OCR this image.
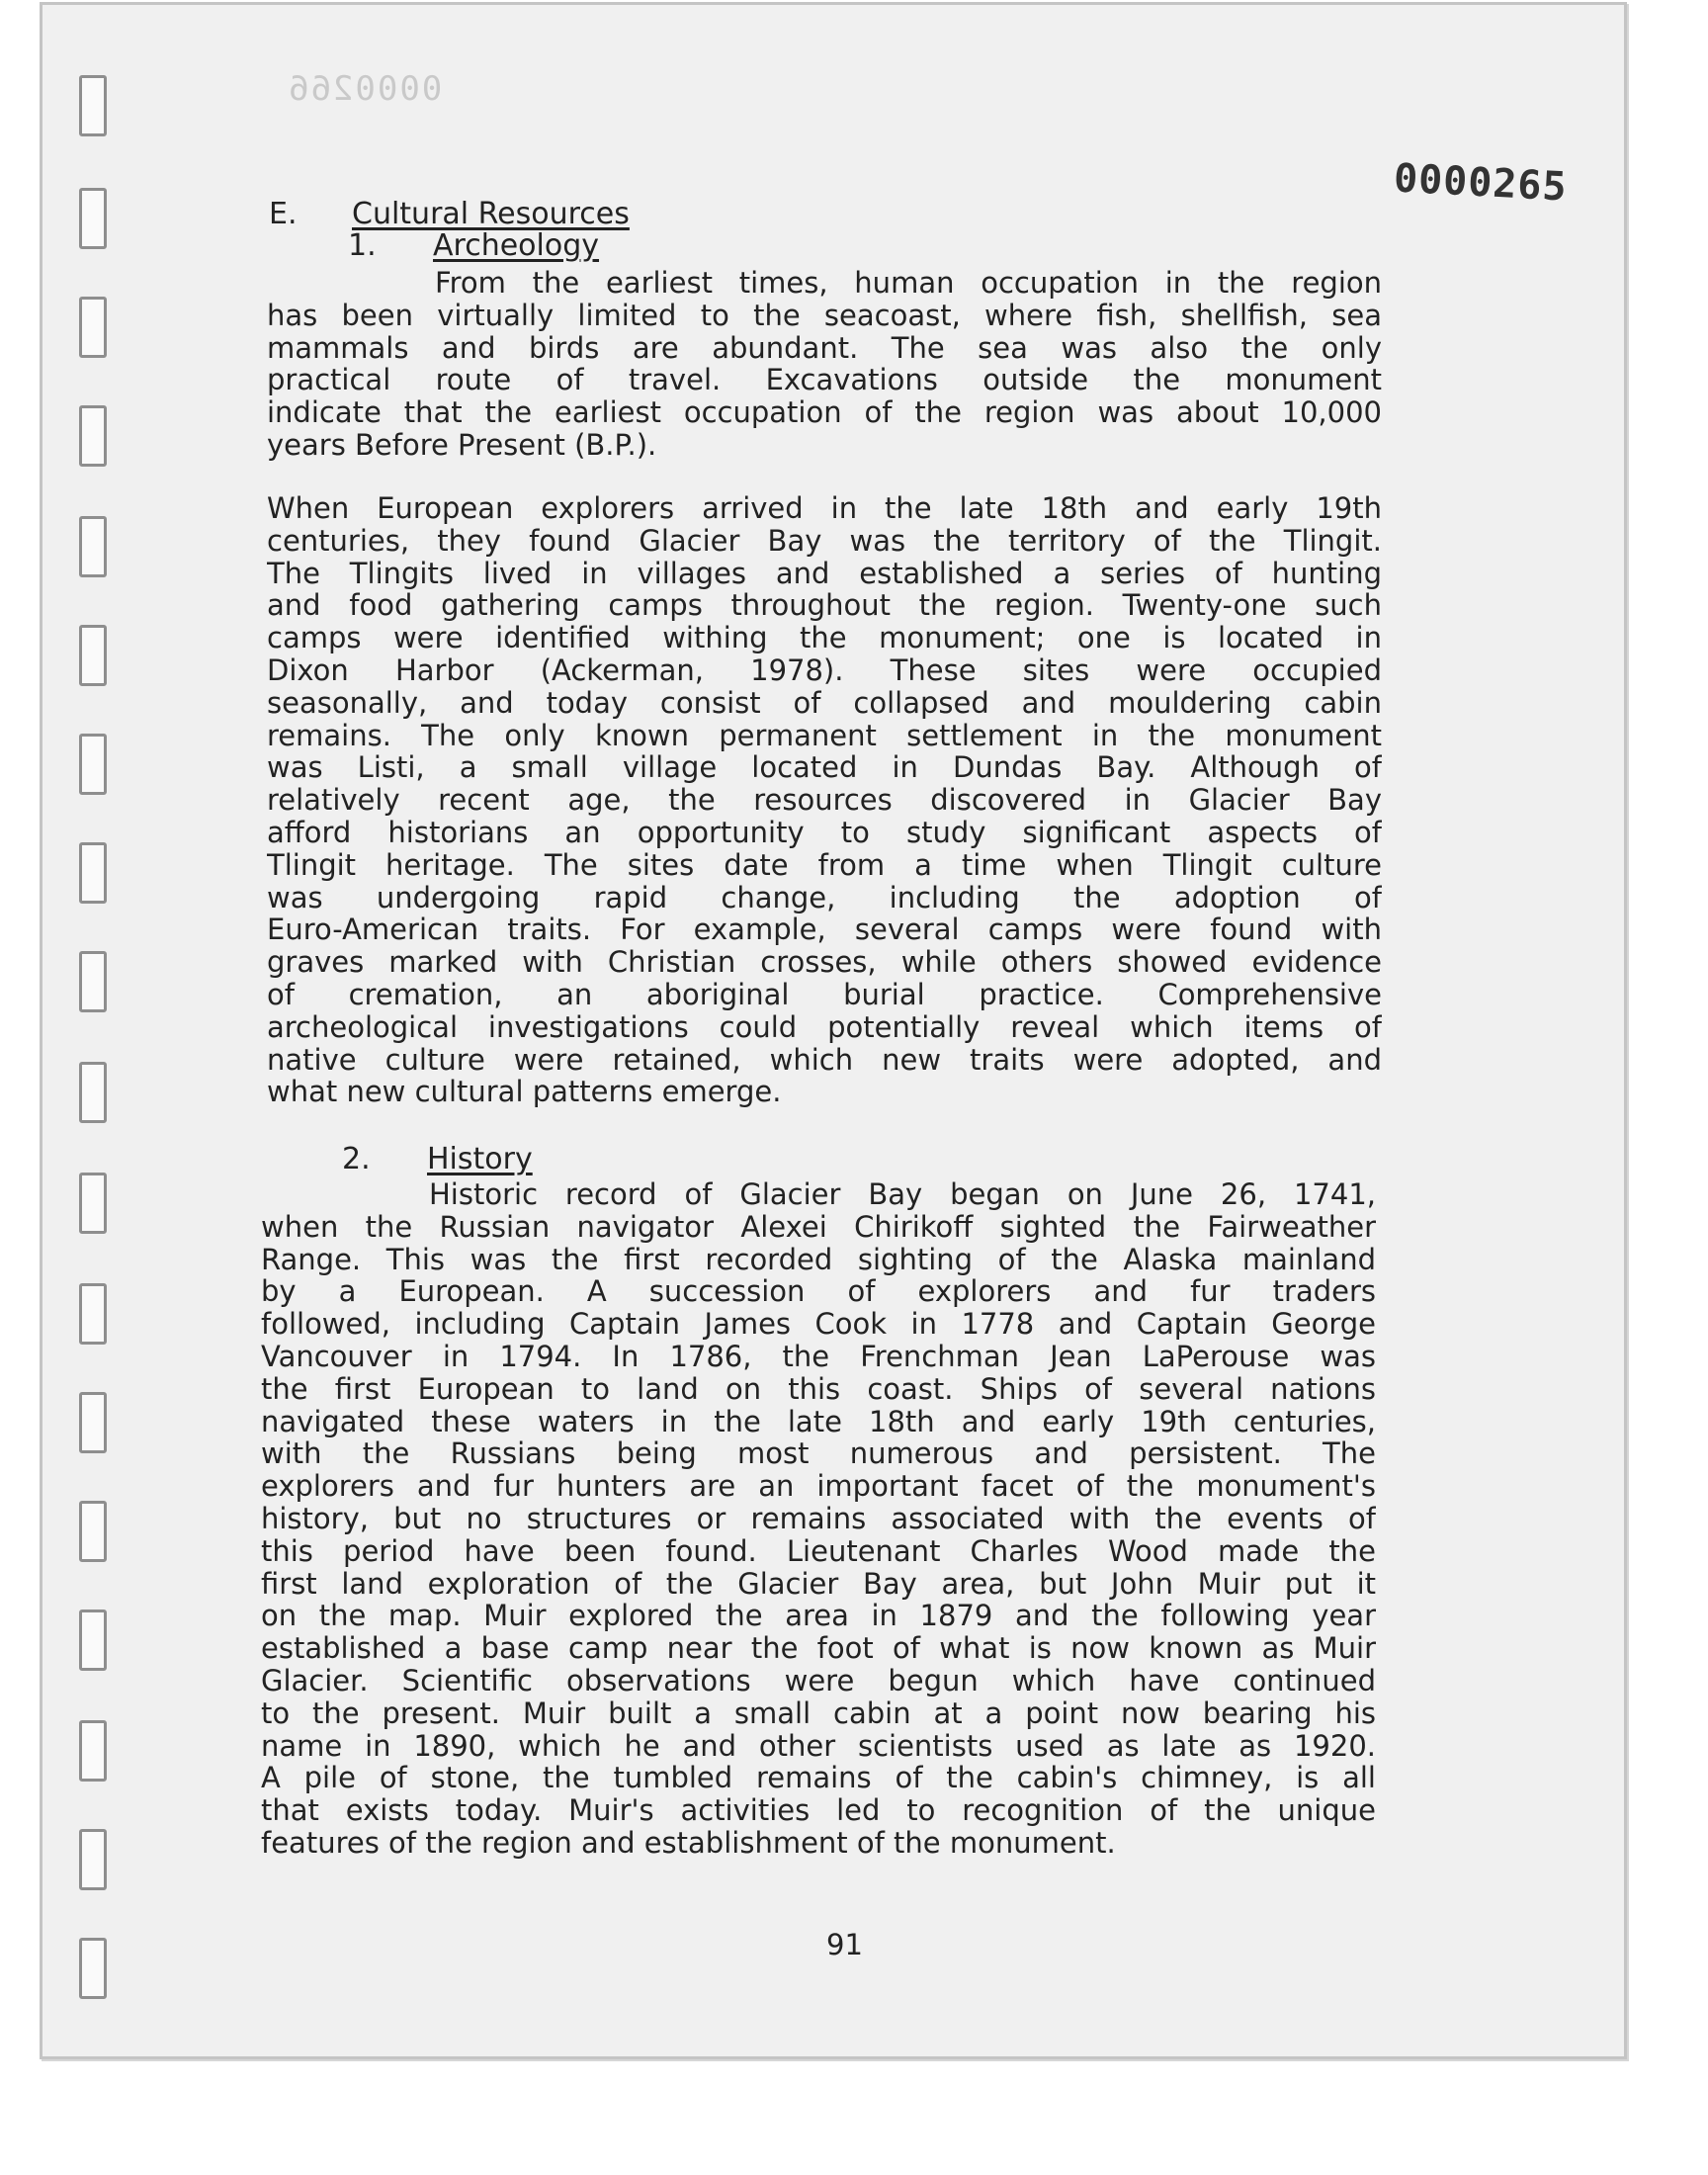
0000266
0000265
E. Cultural Resources
1. Archeology
From the earliest times, human occupation in the region
has been virtually limited to the seacoast, where fish, shellfish, sea
mammals and birds are abundant. The sea was also the only
practical route of travel. Excavations outside the monument
indicate that the earliest occupation of the region was about 10,000
years Before Present (B.P.).
When European explorers arrived in the late 18th and early 19th
centuries, they found Glacier Bay was the territory of the Tlingit.
The Tlingits lived in villages and established a series of hunting
and food gathering camps throughout the region. Twenty-one such
camps were identified withing the monument; one is located in
Dixon Harbor (Ackerman, 1978). These sites were occupied
seasonally, and today consist of collapsed and mouldering cabin
remains. The only known permanent settlement in the monument
was Listi, a small village located in Dundas Bay. Although of
relatively recent age, the resources discovered in Glacier Bay
afford historians an opportunity to study significant aspects of
Tlingit heritage. The sites date from a time when Tlingit culture
was undergoing rapid change, including the adoption of
Euro-American traits. For example, several camps were found with
graves marked with Christian crosses, while others showed evidence
of cremation, an aboriginal burial practice. Comprehensive
archeological investigations could potentially reveal which items of
native culture were retained, which new traits were adopted, and
what new cultural patterns emerge.
2. History
Historic record of Glacier Bay began on June 26, 1741,
when the Russian navigator Alexei Chirikoff sighted the Fairweather
Range. This was the first recorded sighting of the Alaska mainland
by a European. A succession of explorers and fur traders
followed, including Captain James Cook in 1778 and Captain George
Vancouver in 1794. In 1786, the Frenchman Jean LaPerouse was
the first European to land on this coast. Ships of several nations
navigated these waters in the late 18th and early 19th centuries,
with the Russians being most numerous and persistent. The
explorers and fur hunters are an important facet of the monument's
history, but no structures or remains associated with the events of
this period have been found. Lieutenant Charles Wood made the
first land exploration of the Glacier Bay area, but John Muir put it
on the map. Muir explored the area in 1879 and the following year
established a base camp near the foot of what is now known as Muir
Glacier. Scientific observations were begun which have continued
to the present. Muir built a small cabin at a point now bearing his
name in 1890, which he and other scientists used as late as 1920.
A pile of stone, the tumbled remains of the cabin's chimney, is all
that exists today. Muir's activities led to recognition of the unique
features of the region and establishment of the monument.
91
